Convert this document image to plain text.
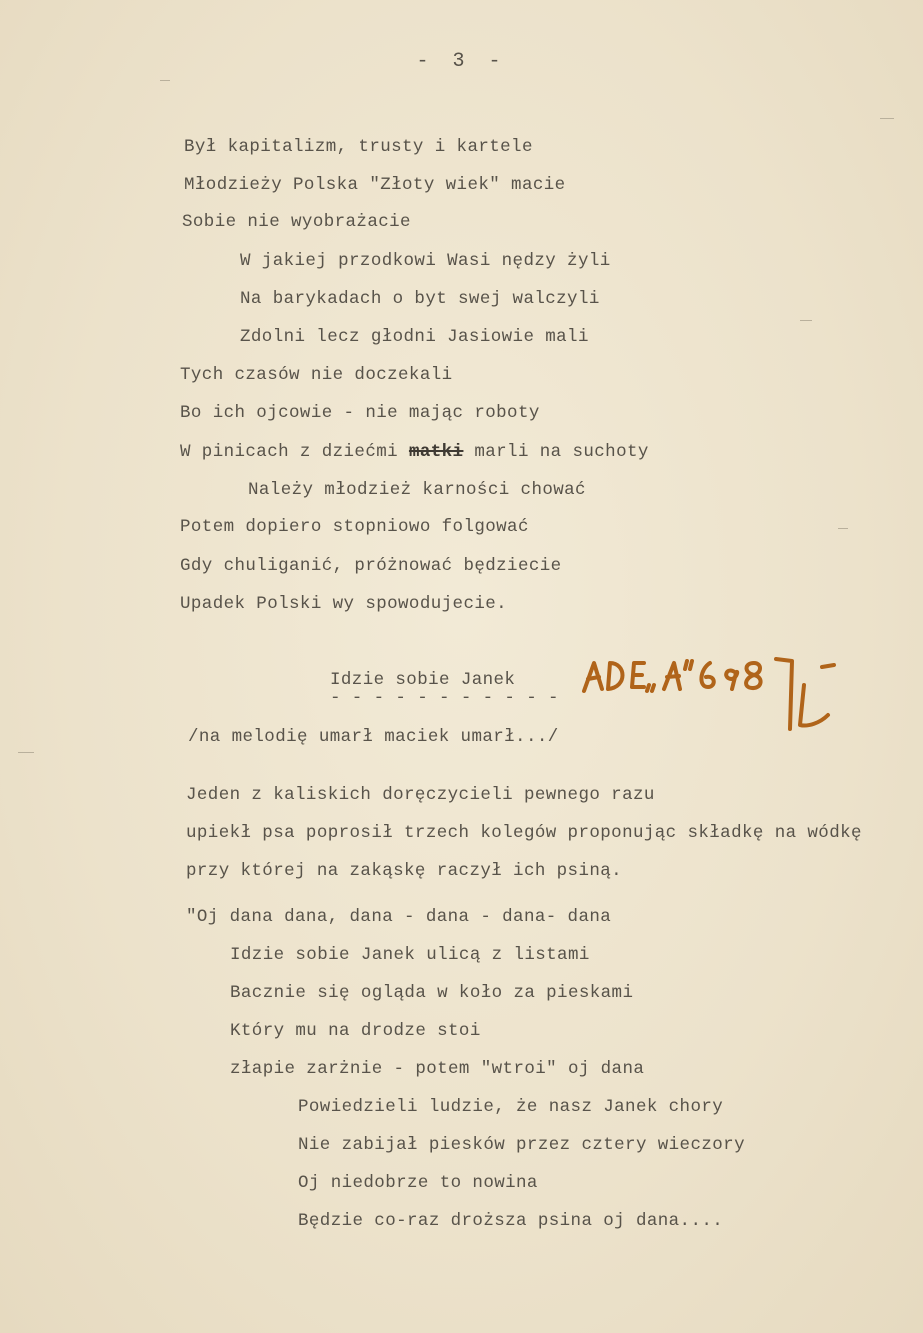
- 3 -
Był kapitalizm, trusty i kartele
Młodzieży Polska "Złoty wiek" macie
Sobie nie wyobrażacie
W jakiej przodkowi Wasi nędzy żyli
Na barykadach o byt swej walczyli
Zdolni lecz głodni Jasiowie mali
Tych czasów nie doczekali
Bo ich ojcowie - nie mając roboty
W pinicach z dziećmi matki marli na suchoty
Należy młodzież karności chować
Potem dopiero stopniowo folgować
Gdy chuliganić, próżnować będziecie
Upadek Polski wy spowodujecie.
Idzie sobie Janek
- - - - - - - - - - -
/na melodię umarł maciek umarł.../
Jeden z kaliskich doręczycieli pewnego razu
upiekł psa poprosił trzech kolegów proponując składkę na wódkę
przy której na zakąskę raczył ich psiną.
"Oj dana dana, dana - dana - dana- dana
Idzie sobie Janek ulicą z listami
Bacznie się ogląda w koło za pieskami
Który mu na drodze stoi
złapie zarżnie - potem "wtroi" oj dana
Powiedzieli ludzie, że nasz Janek chory
Nie zabijał piesków przez cztery wieczory
Oj niedobrze to nowina
Będzie co-raz droższa psina oj dana....
